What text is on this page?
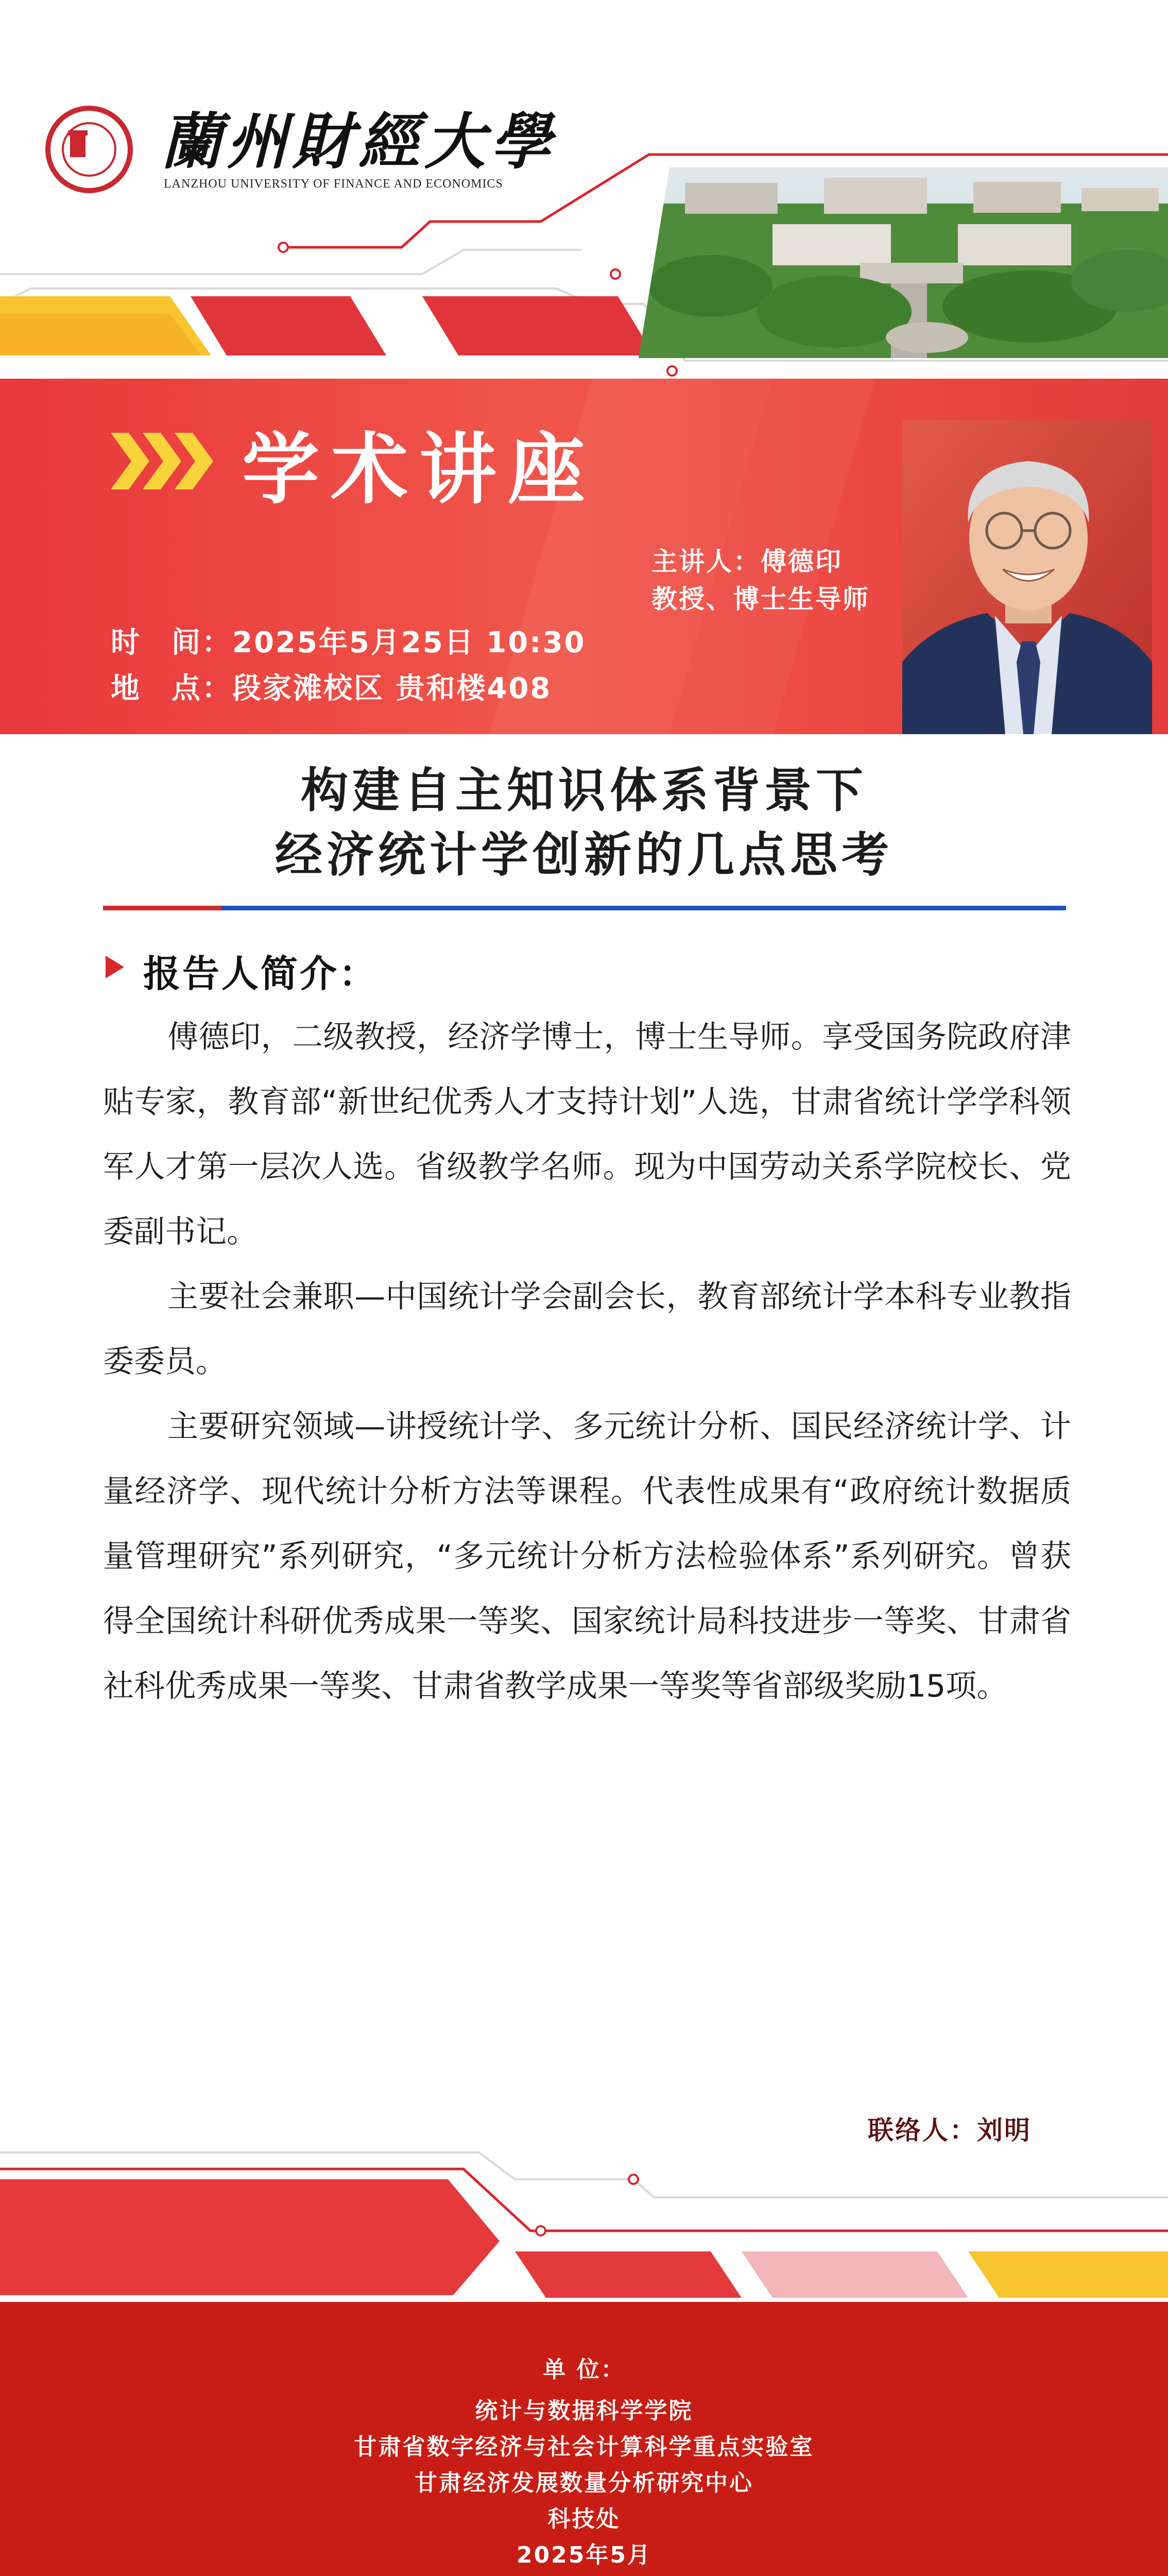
蘭州財經大學
LANZHOU UNIVERSITY OF FINANCE AND ECONOMICS
学术讲座
主讲人：傅德印
教授、博士生导师
时　间：2025年5月25日 10:30
地　点：段家滩校区 贵和楼408
构建自主知识体系背景下
经济统计学创新的几点思考
报告人简介：

傅德印，二级教授，经济学博士，博士生导师。享受国务院政府津贴专家，教育部“新世纪优秀人才支持计划”人选，甘肃省统计学学科领军人才第一层次人选。省级教学名师。现为中国劳动关系学院校长、党委副书记。

主要社会兼职—中国统计学会副会长，教育部统计学本科专业教指委委员。

主要研究领域—讲授统计学、多元统计分析、国民经济统计学、计量经济学、现代统计分析方法等课程。代表性成果有“政府统计数据质量管理研究”系列研究，“多元统计分析方法检验体系”系列研究。曾获得全国统计科研优秀成果一等奖、国家统计局科技进步一等奖、甘肃省社科优秀成果一等奖、甘肃省教学成果一等奖等省部级奖励15项。

联络人：刘明
单 位：
统计与数据科学学院
甘肃省数字经济与社会计算科学重点实验室
甘肃经济发展数量分析研究中心
科技处
2025年5月
